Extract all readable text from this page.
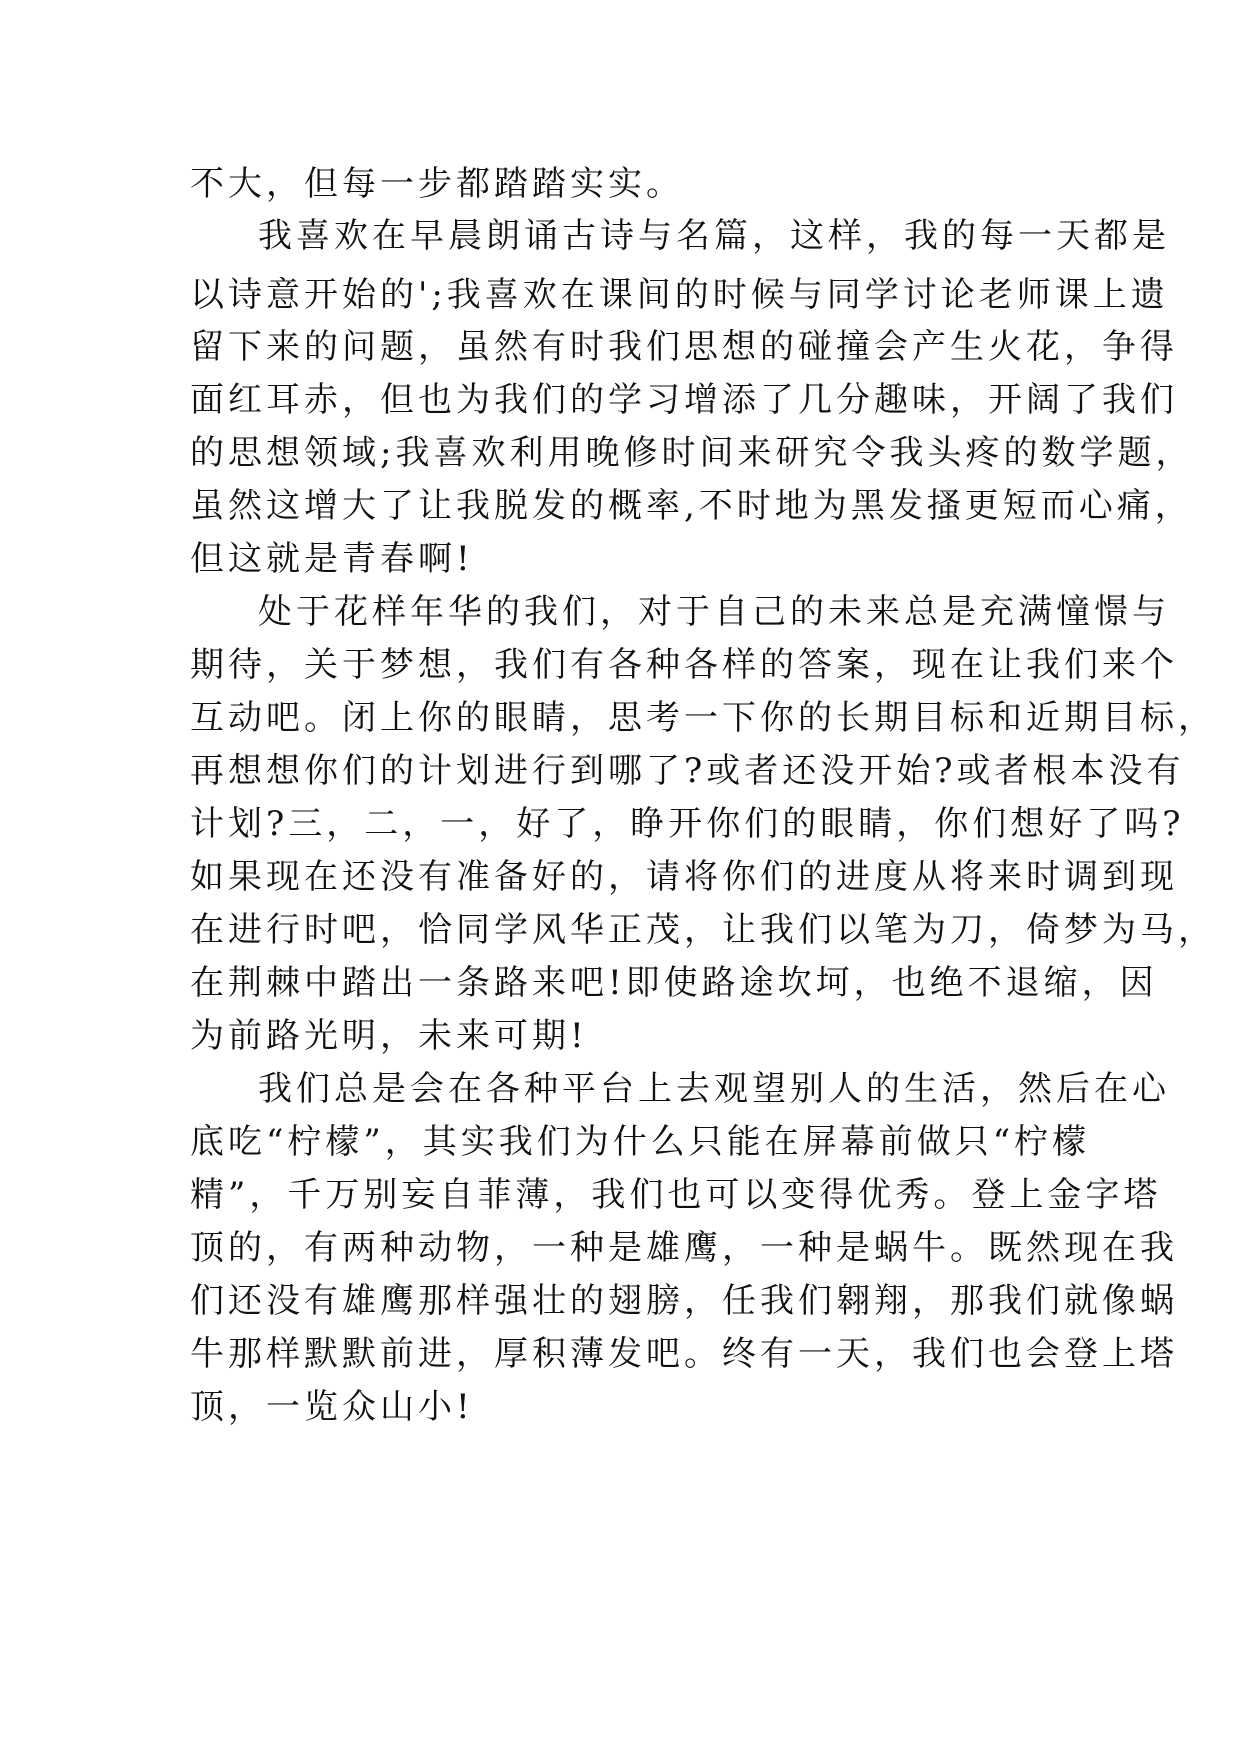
不大，但每一步都踏踏实实。
我喜欢在早晨朗诵古诗与名篇，这样，我的每一天都是
以诗意开始的';我喜欢在课间的时候与同学讨论老师课上遗
留下来的问题，虽然有时我们思想的碰撞会产生火花，争得
面红耳赤，但也为我们的学习增添了几分趣味，开阔了我们
的思想领域;我喜欢利用晚修时间来研究令我头疼的数学题，
虽然这增大了让我脱发的概率,不时地为黑发搔更短而心痛，
但这就是青春啊!
处于花样年华的我们，对于自己的未来总是充满憧憬与
期待，关于梦想，我们有各种各样的答案，现在让我们来个
互动吧。闭上你的眼睛，思考一下你的长期目标和近期目标，
再想想你们的计划进行到哪了?或者还没开始?或者根本没有
计划?三，二，一，好了，睁开你们的眼睛，你们想好了吗?
如果现在还没有准备好的，请将你们的进度从将来时调到现
在进行时吧，恰同学风华正茂，让我们以笔为刀，倚梦为马，
在荆棘中踏出一条路来吧!即使路途坎坷，也绝不退缩，因
为前路光明，未来可期!
我们总是会在各种平台上去观望别人的生活，然后在心
底吃“柠檬”，其实我们为什么只能在屏幕前做只“柠檬
精”，千万别妄自菲薄，我们也可以变得优秀。登上金字塔
顶的，有两种动物，一种是雄鹰，一种是蜗牛。既然现在我
们还没有雄鹰那样强壮的翅膀，任我们翱翔，那我们就像蜗
牛那样默默前进，厚积薄发吧。终有一天，我们也会登上塔
顶，一览众山小!
